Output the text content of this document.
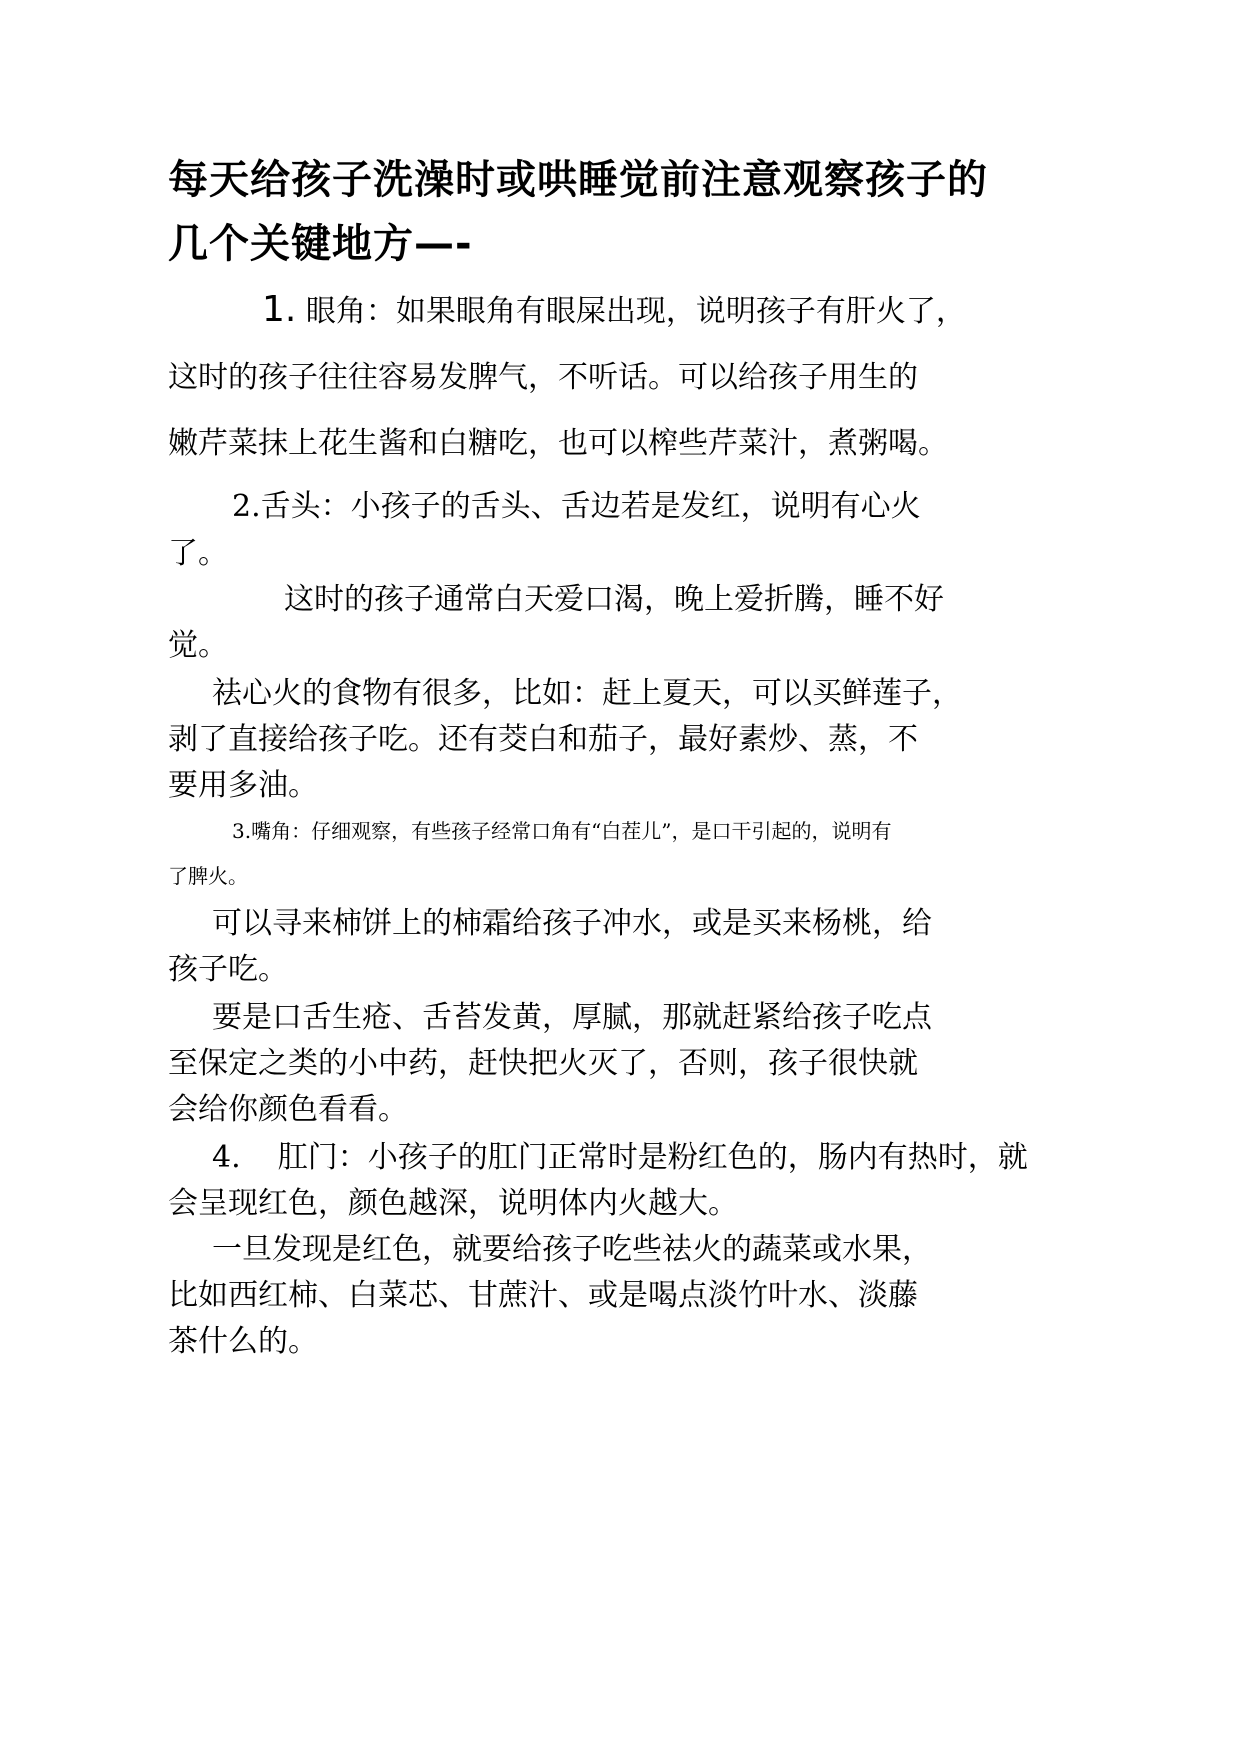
每天给孩子洗澡时或哄睡觉前注意观察孩子的
几个关键地方—-
1. 眼角：如果眼角有眼屎出现，说明孩子有肝火了，
这时的孩子往往容易发脾气，不听话。可以给孩子用生的
嫩芹菜抹上花生酱和白糖吃，也可以榨些芹菜汁，煮粥喝。
2.舌头：小孩子的舌头、舌边若是发红，说明有心火
了。
这时的孩子通常白天爱口渴，晚上爱折腾，睡不好
觉。
祛心火的食物有很多，比如：赶上夏天，可以买鲜莲子，
剥了直接给孩子吃。还有茭白和茄子，最好素炒、蒸，不
要用多油。
3.嘴角：仔细观察，有些孩子经常口角有“白茬儿”，是口干引起的，说明有
了脾火。
可以寻来柿饼上的柿霜给孩子冲水，或是买来杨桃，给
孩子吃。
要是口舌生疮、舌苔发黄，厚腻，那就赶紧给孩子吃点
至保定之类的小中药，赶快把火灭了，否则，孩子很快就
会给你颜色看看。
4. 肛门：小孩子的肛门正常时是粉红色的，肠内有热时，就
会呈现红色，颜色越深，说明体内火越大。
一旦发现是红色，就要给孩子吃些祛火的蔬菜或水果，
比如西红柿、白菜芯、甘蔗汁、或是喝点淡竹叶水、淡藤
茶什么的。
